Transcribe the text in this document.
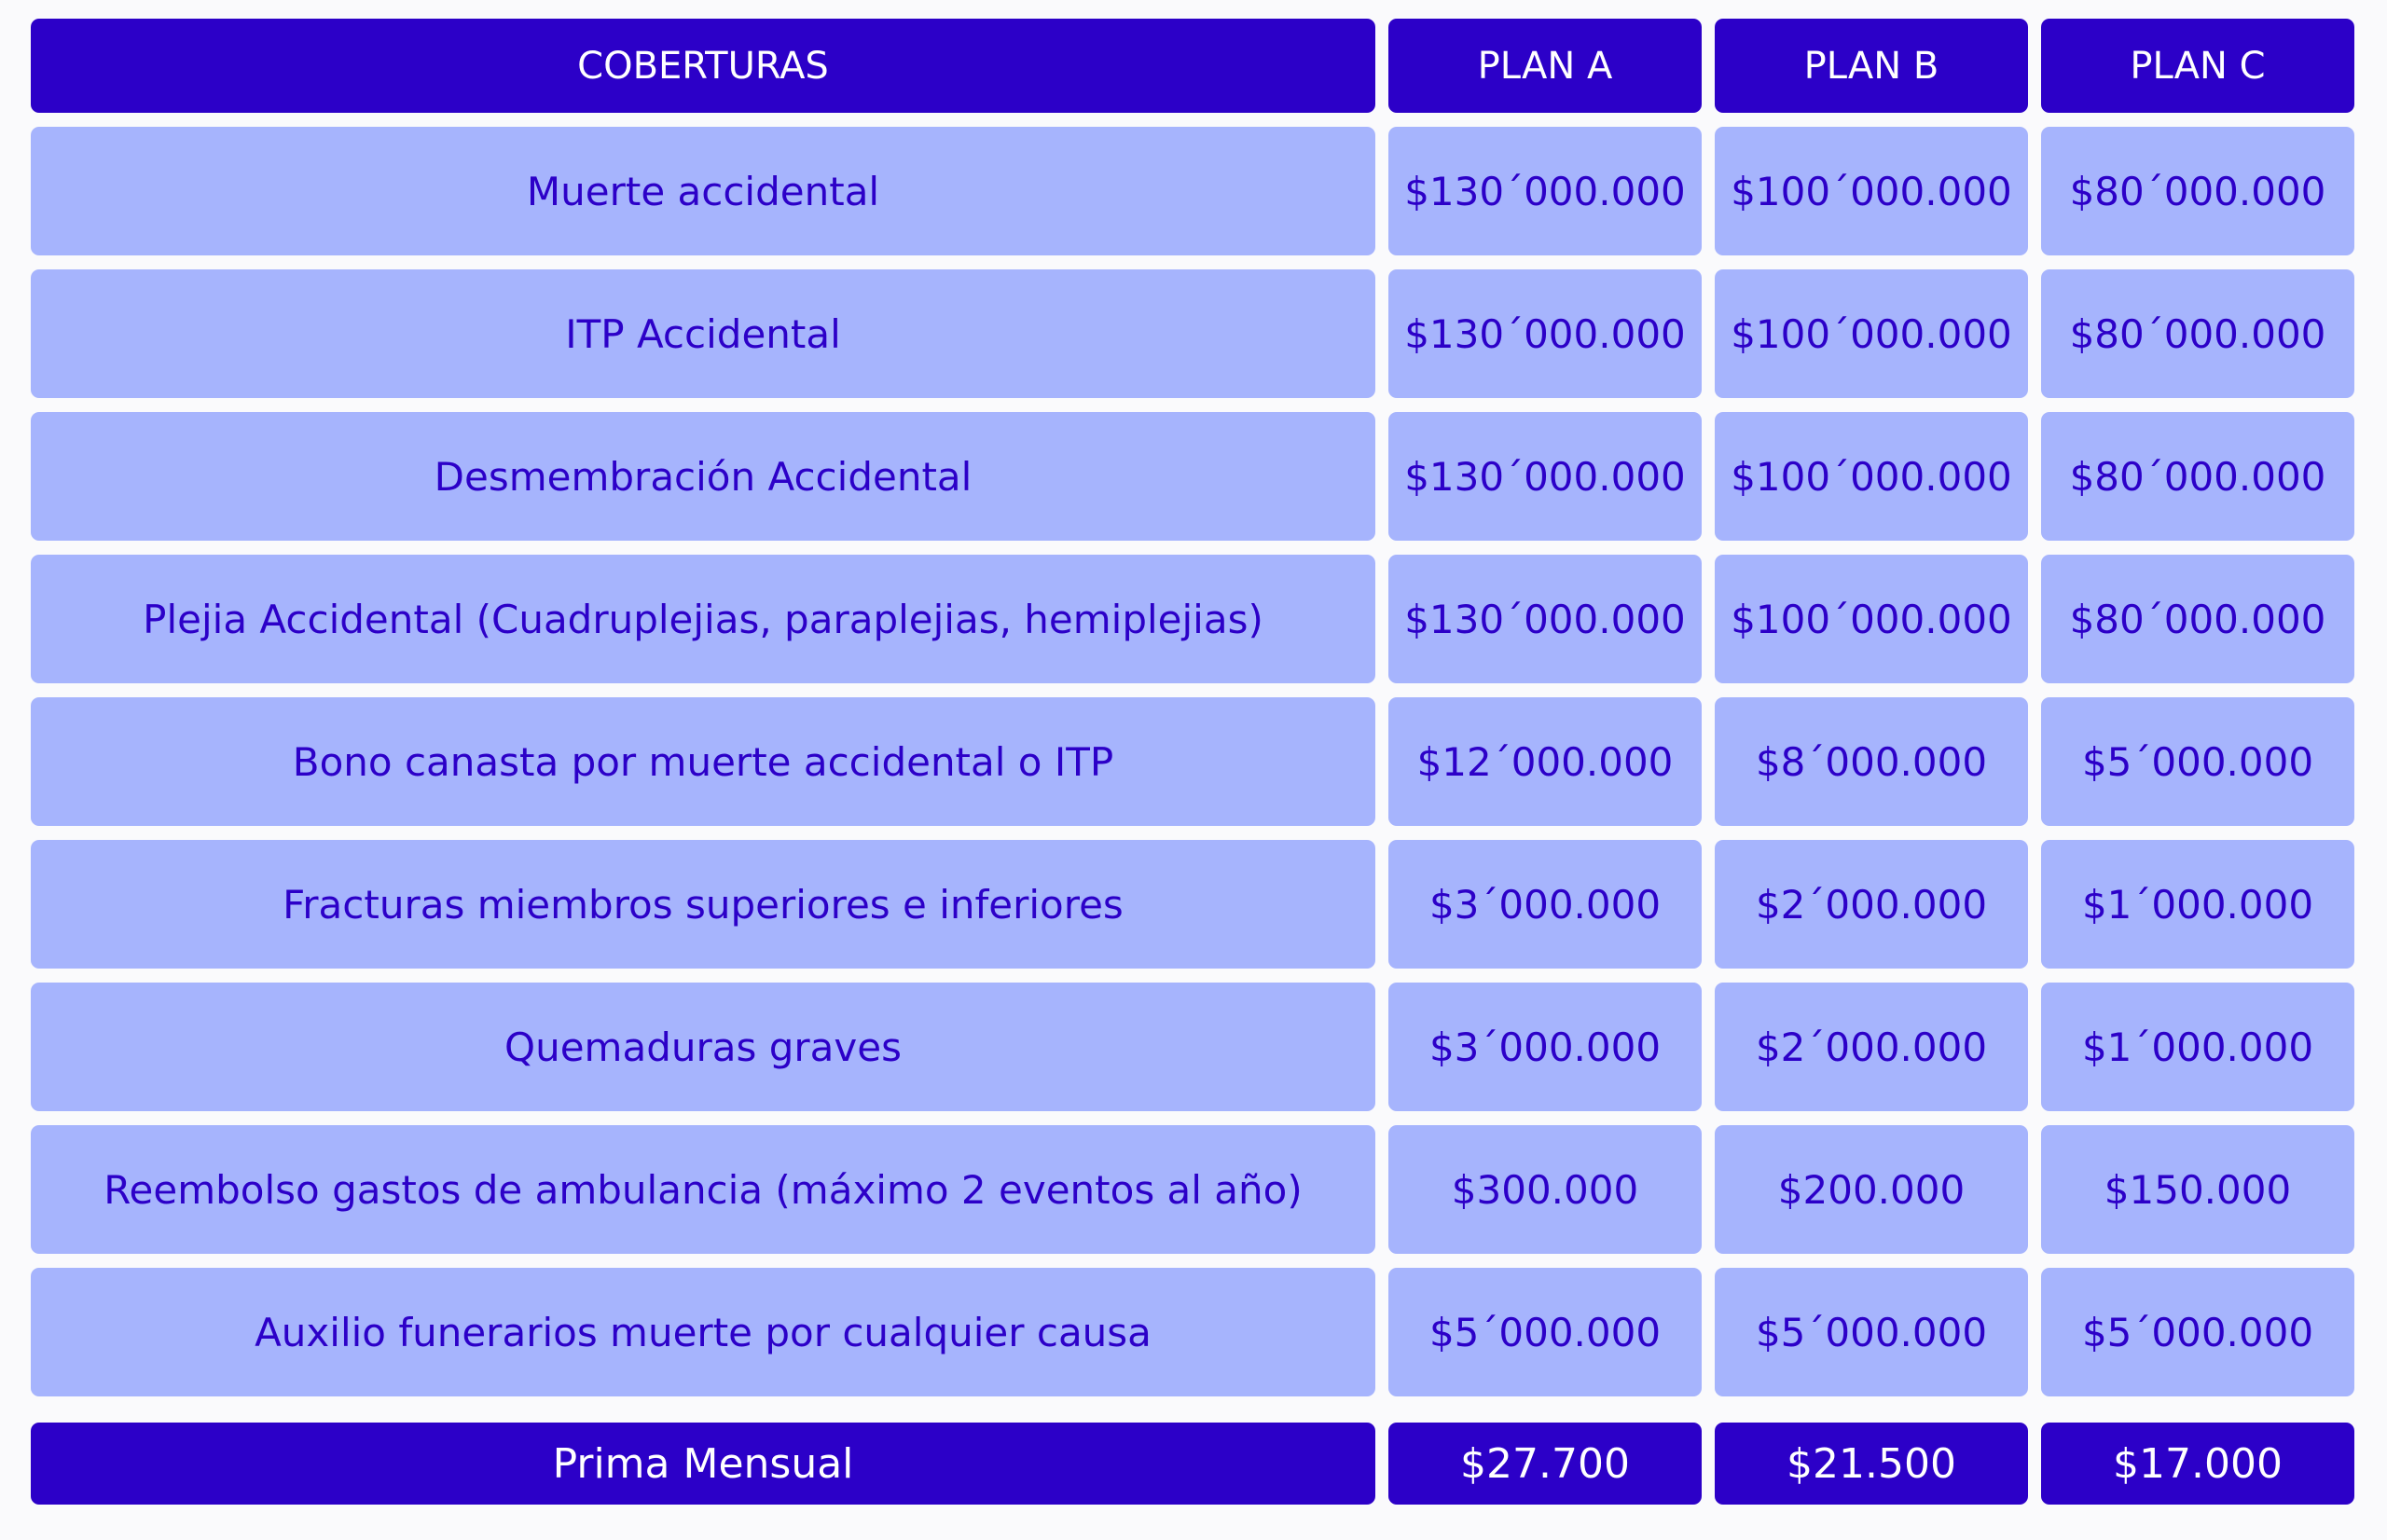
COBERTURAS	PLAN A	PLAN B	PLAN C
Muerte accidental	$130´000.000	$100´000.000	$80´000.000
ITP Accidental	$130´000.000	$100´000.000	$80´000.000
Desmembración Accidental	$130´000.000	$100´000.000	$80´000.000
Plejia Accidental (Cuadruplejias, paraplejias, hemiplejias)	$130´000.000	$100´000.000	$80´000.000
Bono canasta por muerte accidental o ITP	$12´000.000	$8´000.000	$5´000.000
Fracturas miembros superiores e inferiores	$3´000.000	$2´000.000	$1´000.000
Quemaduras graves	$3´000.000	$2´000.000	$1´000.000
Reembolso gastos de ambulancia (máximo 2 eventos al año)	$300.000	$200.000	$150.000
Auxilio funerarios muerte por cualquier causa	$5´000.000	$5´000.000	$5´000.000
Prima Mensual	$27.700	$21.500	$17.000
